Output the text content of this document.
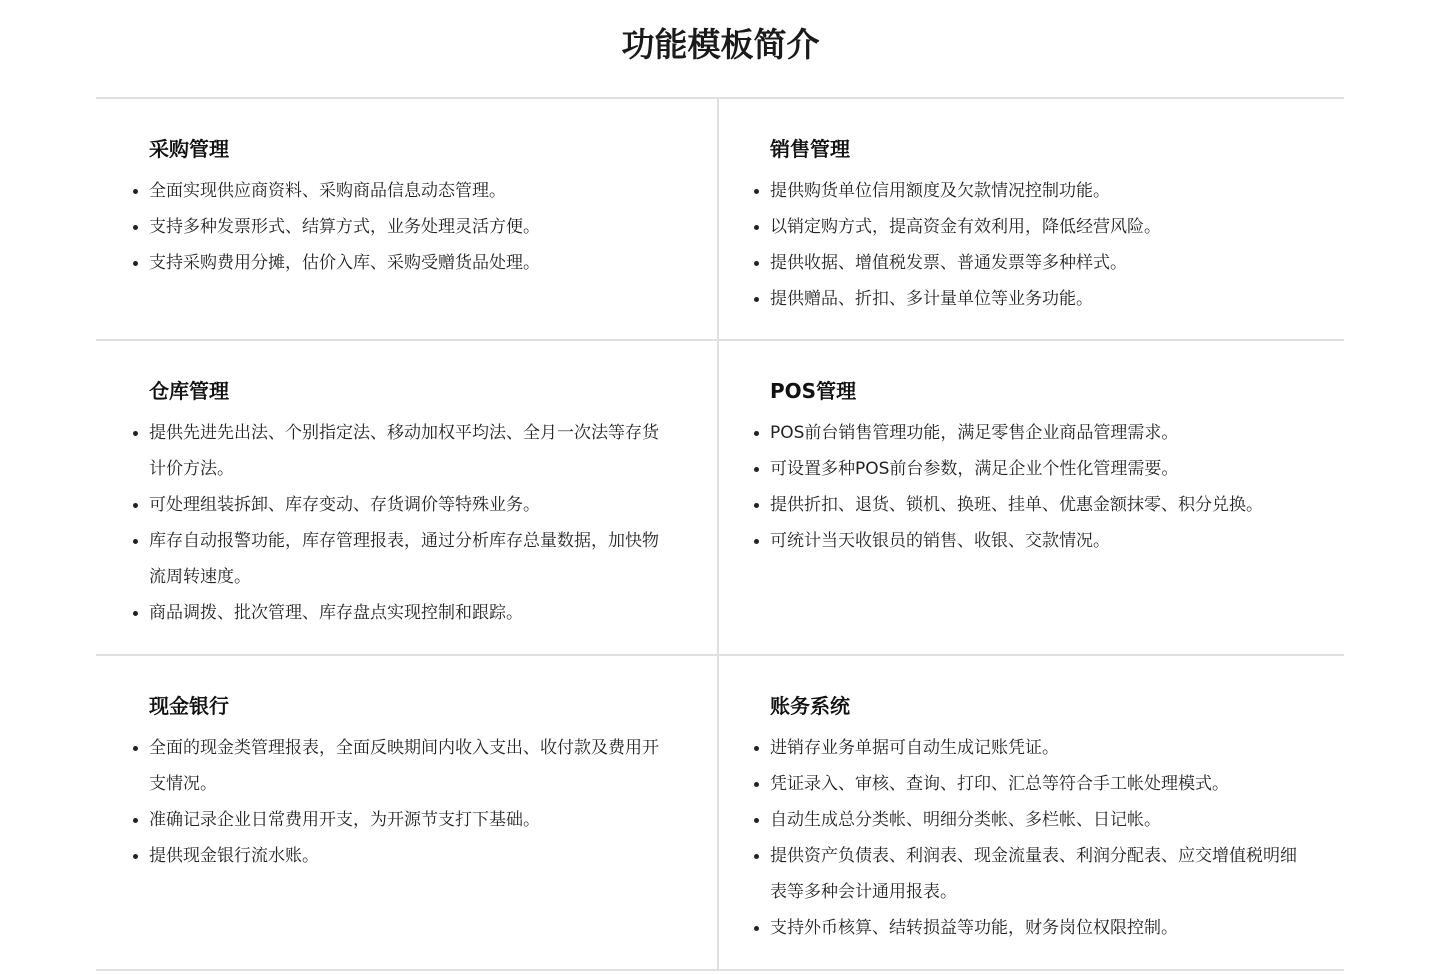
功能模板简介
采购管理
全面实现供应商资料、采购商品信息动态管理。
支持多种发票形式、结算方式，业务处理灵活方便。
支持采购费用分摊，估价入库、采购受赠货品处理。
销售管理
提供购货单位信用额度及欠款情况控制功能。
以销定购方式，提高资金有效利用，降低经营风险。
提供收据、增值税发票、普通发票等多种样式。
提供赠品、折扣、多计量单位等业务功能。
仓库管理
提供先进先出法、个别指定法、移动加权平均法、全月一次法等存货计价方法。
可处理组装拆卸、库存变动、存货调价等特殊业务。
库存自动报警功能，库存管理报表，通过分析库存总量数据，加快物流周转速度。
商品调拨、批次管理、库存盘点实现控制和跟踪。
POS管理
POS前台销售管理功能，满足零售企业商品管理需求。
可设置多种POS前台参数，满足企业个性化管理需要。
提供折扣、退货、锁机、换班、挂单、优惠金额抹零、积分兑换。
可统计当天收银员的销售、收银、交款情况。
现金银行
全面的现金类管理报表，全面反映期间内收入支出、收付款及费用开支情况。
准确记录企业日常费用开支，为开源节支打下基础。
提供现金银行流水账。
账务系统
进销存业务单据可自动生成记账凭证。
凭证录入、审核、查询、打印、汇总等符合手工帐处理模式。
自动生成总分类帐、明细分类帐、多栏帐、日记帐。
提供资产负债表、利润表、现金流量表、利润分配表、应交增值税明细表等多种会计通用报表。
支持外币核算、结转损益等功能，财务岗位权限控制。
